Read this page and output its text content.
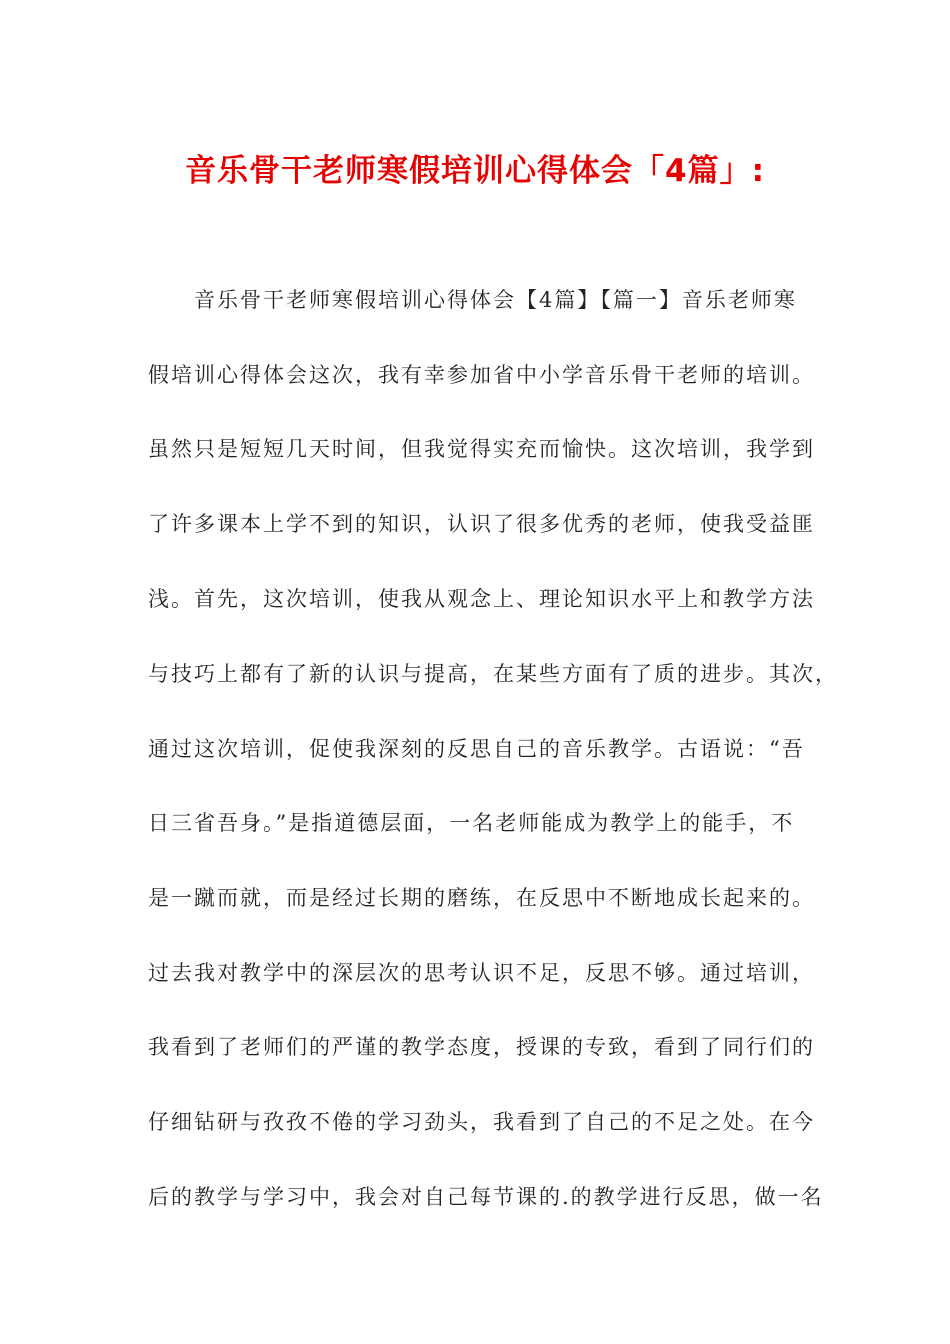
音乐骨干老师寒假培训心得体会「4篇」:
　　音乐骨干老师寒假培训心得体会【4篇】【篇一】音乐老师寒
假培训心得体会这次，我有幸参加省中小学音乐骨干老师的培训。
虽然只是短短几天时间，但我觉得实充而愉快。这次培训，我学到
了许多课本上学不到的知识，认识了很多优秀的老师，使我受益匪
浅。首先，这次培训，使我从观念上、理论知识水平上和教学方法
与技巧上都有了新的认识与提高，在某些方面有了质的进步。其次，
通过这次培训，促使我深刻的反思自己的音乐教学。古语说：“吾
日三省吾身。”是指道德层面，一名老师能成为教学上的能手，不
是一蹴而就，而是经过长期的磨练，在反思中不断地成长起来的。
过去我对教学中的深层次的思考认识不足，反思不够。通过培训，
我看到了老师们的严谨的教学态度，授课的专致，看到了同行们的
仔细钻研与孜孜不倦的学习劲头，我看到了自己的不足之处。在今
后的教学与学习中，我会对自己每节课的.的教学进行反思，做一名
